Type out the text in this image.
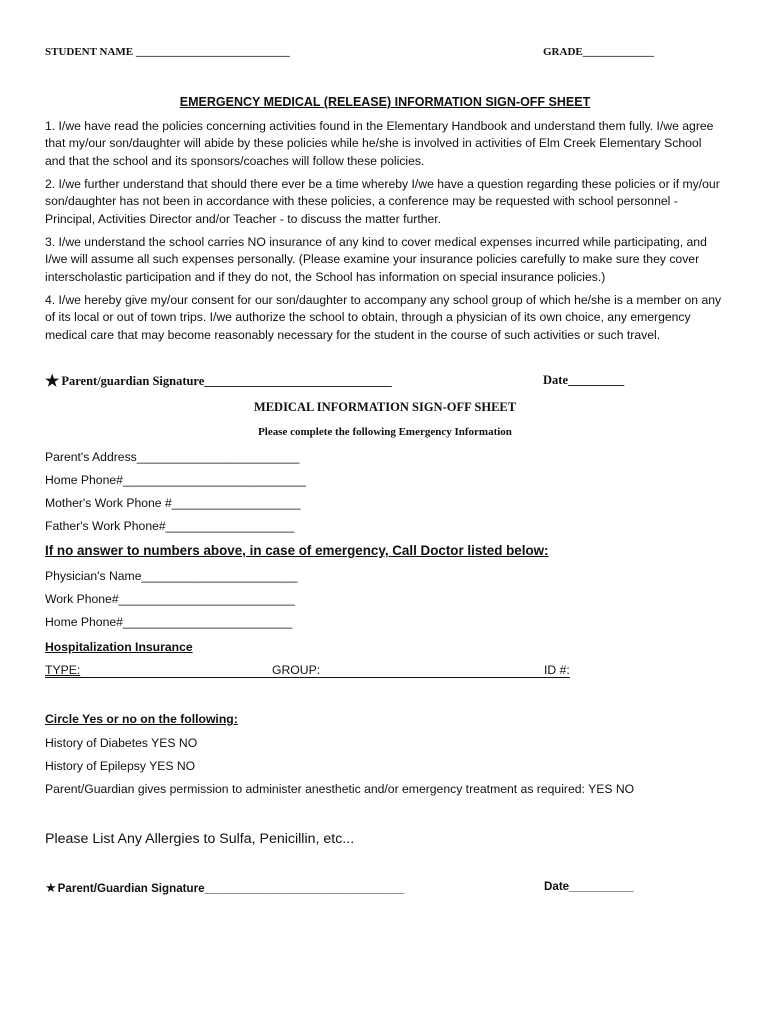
STUDENT NAME ____________________________	GRADE_____________
EMERGENCY MEDICAL (RELEASE) INFORMATION SIGN-OFF SHEET
1. I/we have read the policies concerning activities found in the Elementary Handbook and understand them fully. I/we agree that my/our son/daughter will abide by these policies while he/she is involved in activities of Elm Creek Elementary School and that the school and its sponsors/coaches will follow these policies.
2. I/we further understand that should there ever be a time whereby I/we have a question regarding these policies or if my/our son/daughter has not been in accordance with these policies, a conference may be requested with school personnel - Principal, Activities Director and/or Teacher - to discuss the matter further.
3. I/we understand the school carries NO insurance of any kind to cover medical expenses incurred while participating, and I/we will assume all such expenses personally. (Please examine your insurance policies carefully to make sure they cover interscholastic participation and if they do not, the School has information on special insurance policies.)
4. I/we hereby give my/our consent for our son/daughter to accompany any school group of which he/she is a member on any of its local or out of town trips. I/we authorize the school to obtain, through a physician of its own choice, any emergency medical care that may become reasonably necessary for the student in the course of such activities or such travel.
★ Parent/guardian Signature______________________________	Date_________
MEDICAL INFORMATION SIGN-OFF SHEET
Please complete the following Emergency Information
Parent's Address________________________
Home Phone#___________________________
Mother's Work Phone #___________________
Father's Work Phone#___________________
If no answer to numbers above, in case of emergency, Call Doctor listed below:
Physician's Name_______________________
Work Phone#__________________________
Home Phone#_________________________
Hospitalization Insurance
TYPE:	GROUP:	ID #:
Circle Yes or no on the following:
History of Diabetes YES NO
History of Epilepsy YES NO
Parent/Guardian gives permission to administer anesthetic and/or emergency treatment as required: YES NO
Please List Any Allergies to Sulfa, Penicillin, etc...
★Parent/Guardian Signature_______________________________	Date__________
